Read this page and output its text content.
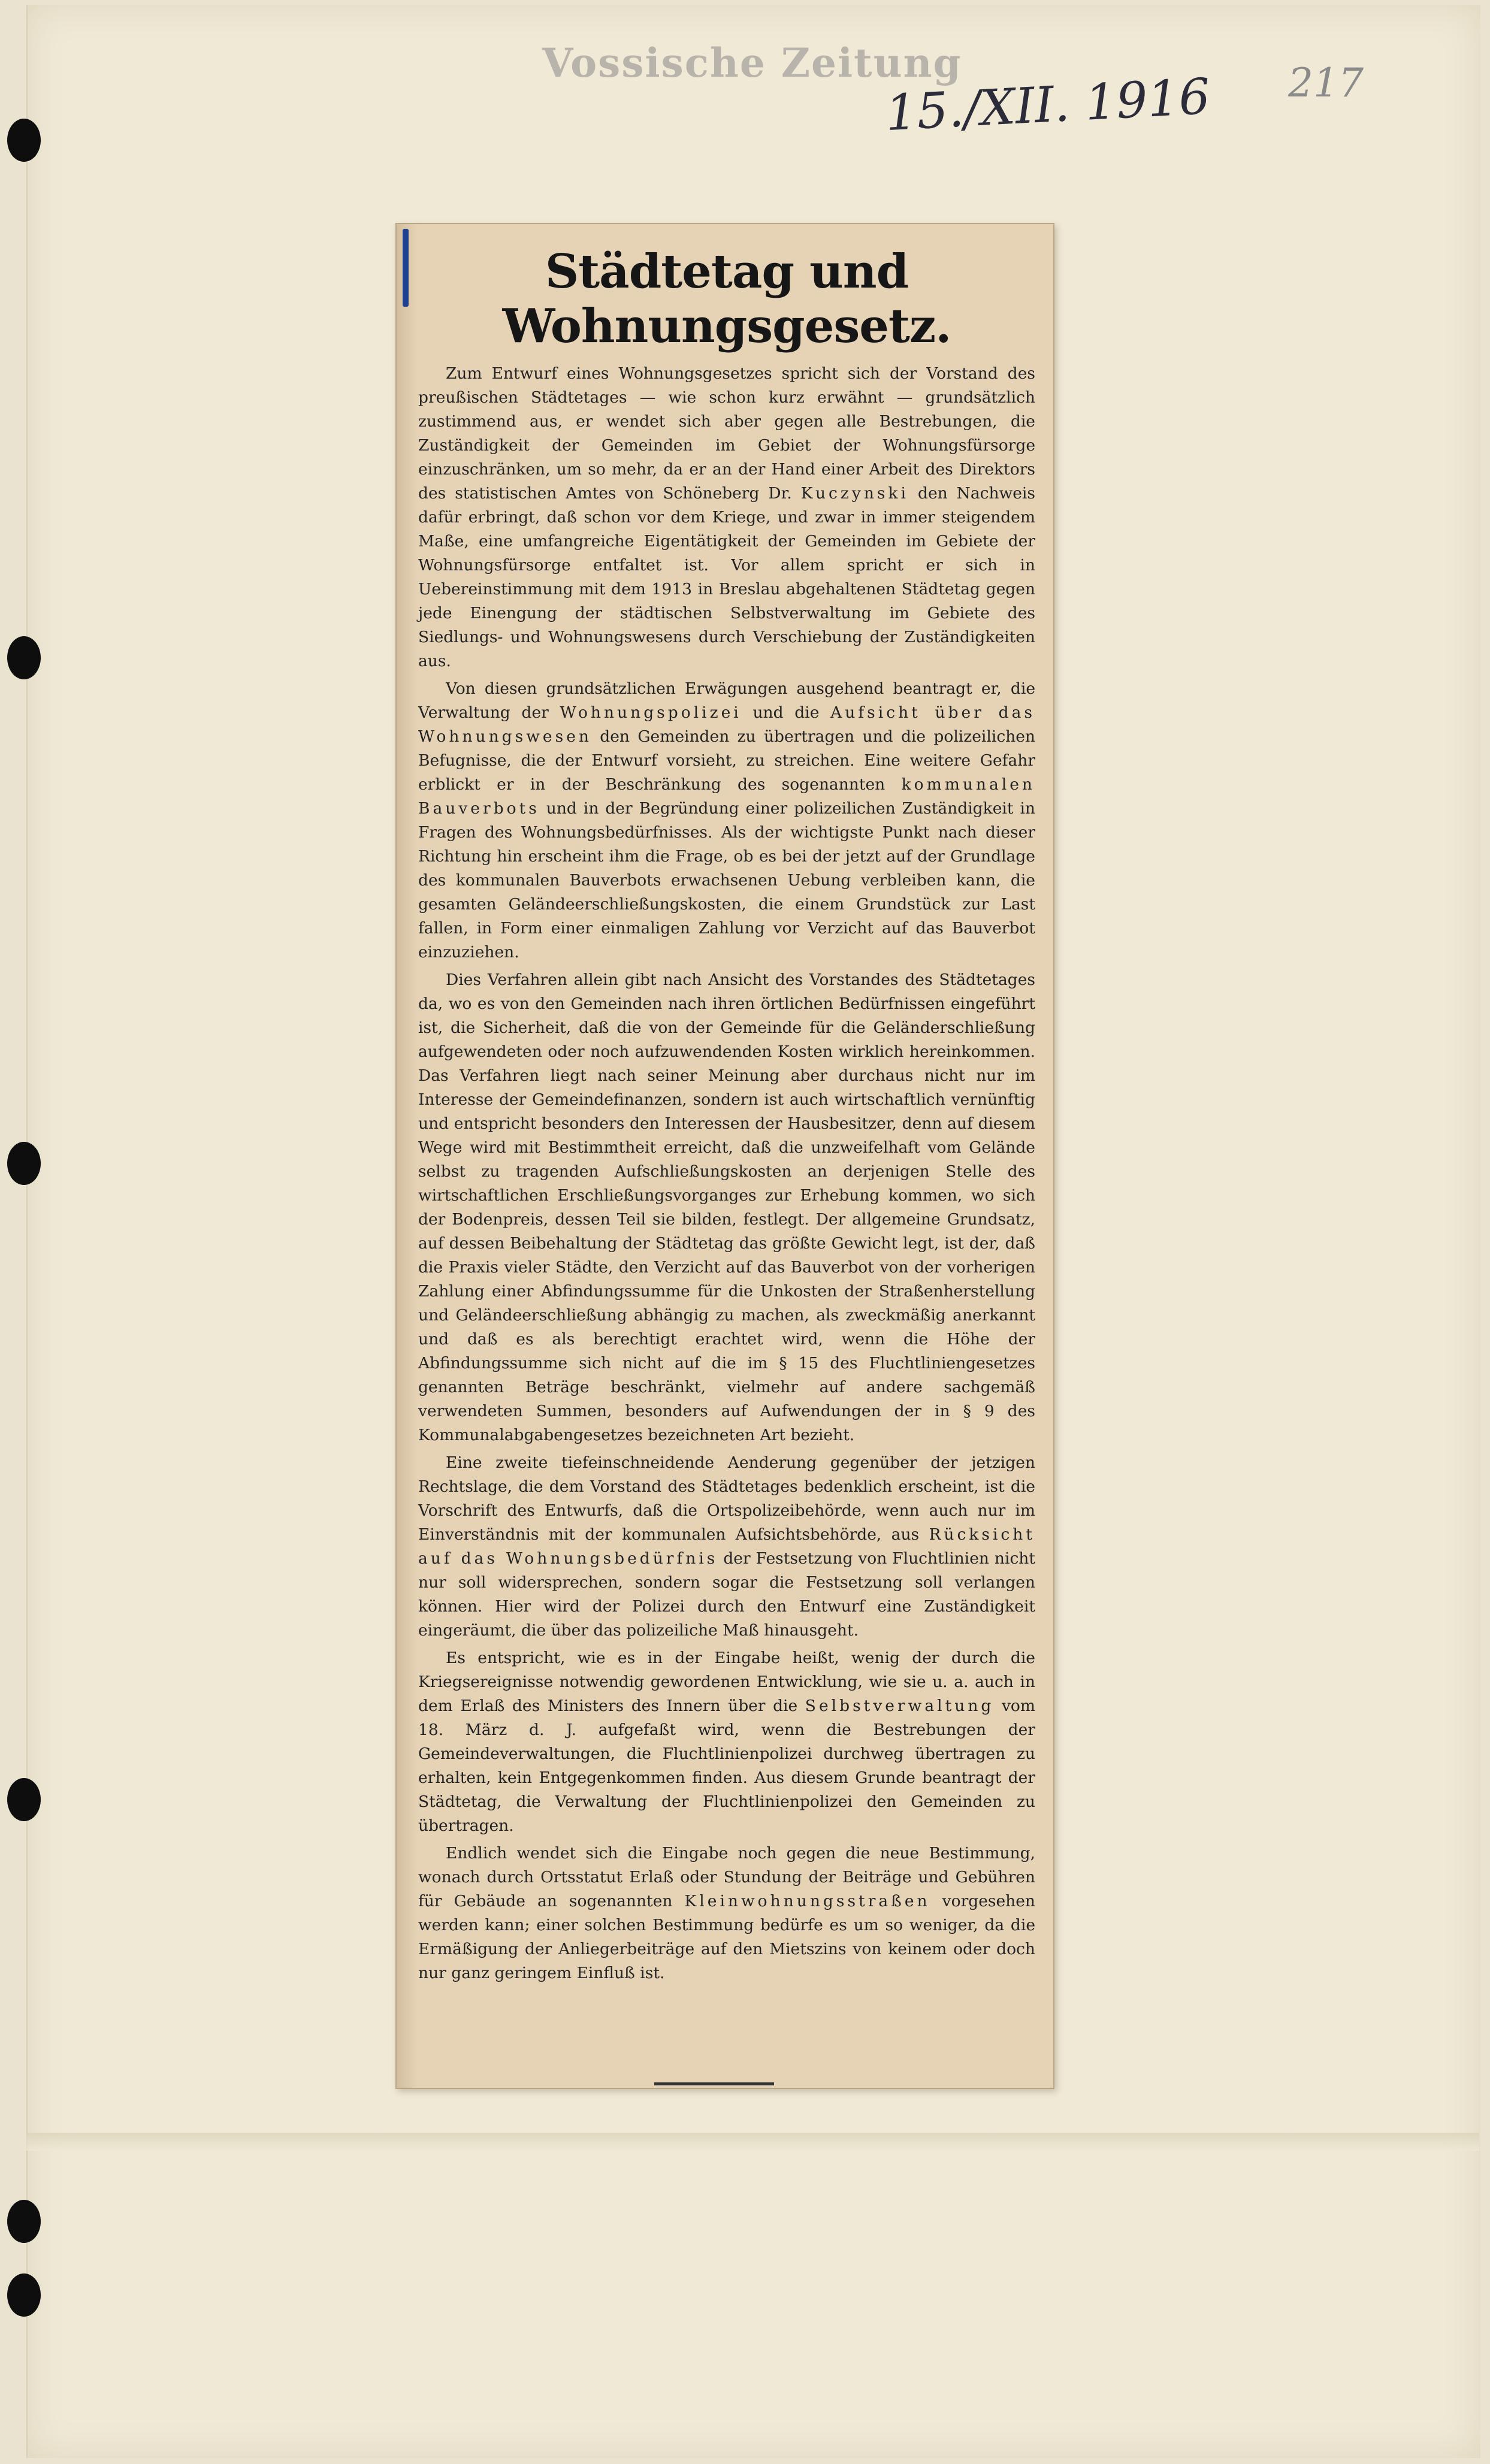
Vossische Zeitung
15./XII. 1916 217
Städtetag und Wohnungsgesetz.

Zum Entwurf eines Wohnungsgesetzes spricht sich der Vorstand des preußischen Städtetages — wie schon kurz erwähnt — grundsätzlich zustimmend aus, er wendet sich aber gegen alle Bestrebungen, die Zuständigkeit der Gemeinden im Gebiet der Wohnungsfürsorge einzuschränken, um so mehr, da er an der Hand einer Arbeit des Direktors des statistischen Amtes von Schöneberg Dr. Kuczynski den Nachweis dafür erbringt, daß schon vor dem Kriege, und zwar in immer steigendem Maße, eine umfangreiche Eigentätigkeit der Gemeinden im Gebiete der Wohnungsfürsorge entfaltet ist. Vor allem spricht er sich in Uebereinstimmung mit dem 1913 in Breslau abgehaltenen Städtetag gegen jede Einengung der städtischen Selbstverwaltung im Gebiete des Siedlungs- und Wohnungswesens durch Verschiebung der Zuständigkeiten aus.

Von diesen grundsätzlichen Erwägungen ausgehend beantragt er, die Verwaltung der Wohnungspolizei und die Aufsicht über das Wohnungswesen den Gemeinden zu übertragen und die polizeilichen Befugnisse, die der Entwurf vorsieht, zu streichen. Eine weitere Gefahr erblickt er in der Beschränkung des sogenannten kommunalen Bauverbots und in der Begründung einer polizeilichen Zuständigkeit in Fragen des Wohnungsbedürfnisses. Als der wichtigste Punkt nach dieser Richtung hin erscheint ihm die Frage, ob es bei der jetzt auf der Grundlage des kommunalen Bauverbots erwachsenen Uebung verbleiben kann, die gesamten Geländeerschließungskosten, die einem Grundstück zur Last fallen, in Form einer einmaligen Zahlung vor Verzicht auf das Bauverbot einzuziehen.

Dies Verfahren allein gibt nach Ansicht des Vorstandes des Städtetages da, wo es von den Gemeinden nach ihren örtlichen Bedürfnissen eingeführt ist, die Sicherheit, daß die von der Gemeinde für die Geländerschließung aufgewendeten oder noch aufzuwendenden Kosten wirklich hereinkommen. Das Verfahren liegt nach seiner Meinung aber durchaus nicht nur im Interesse der Gemeindefinanzen, sondern ist auch wirtschaftlich vernünftig und entspricht besonders den Interessen der Hausbesitzer, denn auf diesem Wege wird mit Bestimmtheit erreicht, daß die unzweifelhaft vom Gelände selbst zu tragenden Aufschließungskosten an derjenigen Stelle des wirtschaftlichen Erschließungsvorganges zur Erhebung kommen, wo sich der Bodenpreis, dessen Teil sie bilden, festlegt. Der allgemeine Grundsatz, auf dessen Beibehaltung der Städtetag das größte Gewicht legt, ist der, daß die Praxis vieler Städte, den Verzicht auf das Bauverbot von der vorherigen Zahlung einer Abfindungssumme für die Unkosten der Straßenherstellung und Geländeerschließung abhängig zu machen, als zweckmäßig anerkannt und daß es als berechtigt erachtet wird, wenn die Höhe der Abfindungssumme sich nicht auf die im § 15 des Fluchtliniengesetzes genannten Beträge beschränkt, vielmehr auf andere sachgemäß verwendeten Summen, besonders auf Aufwendungen der in § 9 des Kommunalabgabengesetzes bezeichneten Art bezieht.

Eine zweite tiefeinschneidende Aenderung gegenüber der jetzigen Rechtslage, die dem Vorstand des Städtetages bedenklich erscheint, ist die Vorschrift des Entwurfs, daß die Ortspolizeibehörde, wenn auch nur im Einverständnis mit der kommunalen Aufsichtsbehörde, aus Rücksicht auf das Wohnungsbedürfnis der Festsetzung von Fluchtlinien nicht nur soll widersprechen, sondern sogar die Festsetzung soll verlangen können. Hier wird der Polizei durch den Entwurf eine Zuständigkeit eingeräumt, die über das polizeiliche Maß hinausgeht.

Es entspricht, wie es in der Eingabe heißt, wenig der durch die Kriegsereignisse notwendig gewordenen Entwicklung, wie sie u. a. auch in dem Erlaß des Ministers des Innern über die Selbstverwaltung vom 18. März d. J. aufgefaßt wird, wenn die Bestrebungen der Gemeindeverwaltungen, die Fluchtlinienpolizei durchweg übertragen zu erhalten, kein Entgegenkommen finden. Aus diesem Grunde beantragt der Städtetag, die Verwaltung der Fluchtlinienpolizei den Gemeinden zu übertragen.

Endlich wendet sich die Eingabe noch gegen die neue Bestimmung, wonach durch Ortsstatut Erlaß oder Stundung der Beiträge und Gebühren für Gebäude an sogenannten Kleinwohnungsstraßen vorgesehen werden kann; einer solchen Bestimmung bedürfe es um so weniger, da die Ermäßigung der Anliegerbeiträge auf den Mietszins von keinem oder doch nur ganz geringem Einfluß ist.
